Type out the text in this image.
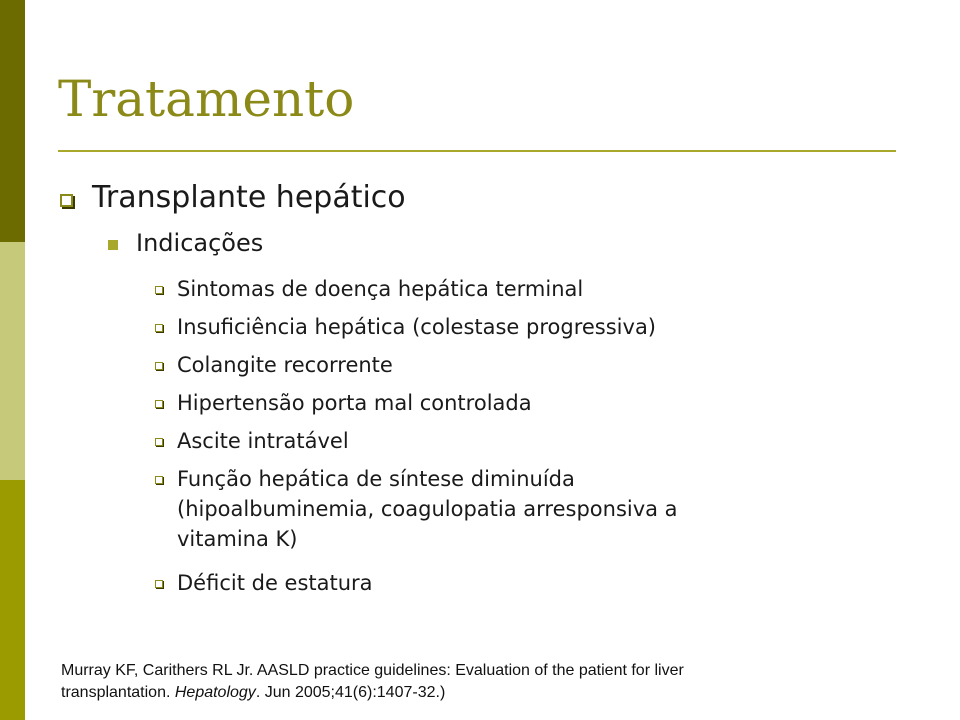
Tratamento
Transplante hepático
Indicações
Sintomas de doença hepática terminal
Insuficiência hepática (colestase progressiva)
Colangite recorrente
Hipertensão porta mal controlada
Ascite intratável
Função hepática de síntese diminuída
(hipoalbuminemia, coagulopatia arresponsiva a
vitamina K)
Déficit de estatura
Murray KF, Carithers RL Jr. AASLD practice guidelines: Evaluation of the patient for liver
transplantation. Hepatology. Jun 2005;41(6):1407-32.)
